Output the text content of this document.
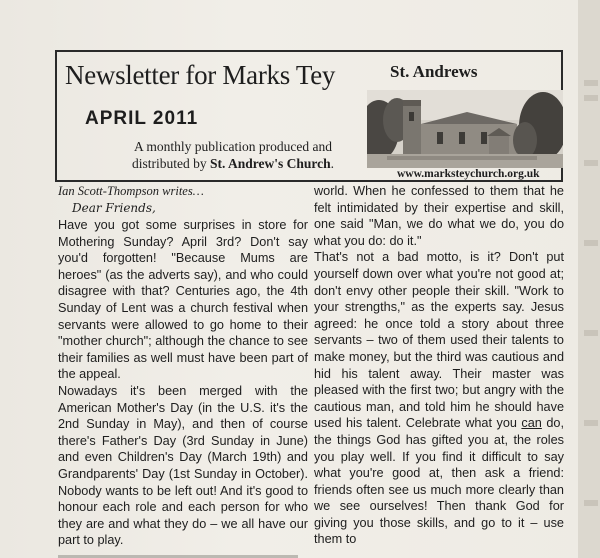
Newsletter for Marks Tey
APRIL 2011
A monthly publication produced and
distributed by St. Andrew's Church.
St. Andrews
www.marksteychurch.org.uk
Ian Scott-Thompson writes…
Dear Friends,

Have you got some surprises in store for Mothering Sunday? April 3rd? Don't say you'd forgotten! "Because Mums are heroes" (as the adverts say), and who could disagree with that? Centuries ago, the 4th Sunday of Lent was a church festival when servants were allowed to go home to their "mother church"; although the chance to see their families as well must have been part of the appeal.

Nowadays it's been merged with the American Mother's Day (in the U.S. it's the 2nd Sunday in May), and then of course there's Father's Day (3rd Sunday in June) and even Children's Day (March 19th) and Grandparents' Day (1st Sunday in October). Nobody wants to be left out! And it's good to honour each role and each person for who they are and what they do – we all have our part to play.

world. When he confessed to them that he felt intimidated by their expertise and skill, one said "Man, we do what we do, you do what you do: do it."

That's not a bad motto, is it? Don't put yourself down over what you're not good at; don't envy other people their skill. "Work to your strengths," as the experts say. Jesus agreed: he once told a story about three servants – two of them used their talents to make money, but the third was cautious and hid his talent away. Their master was pleased with the first two; but angry with the cautious man, and told him he should have used his talent. Celebrate what you can do, the things God has gifted you at, the roles you play well. If you find it difficult to say what you're good at, then ask a friend: friends often see us much more clearly than we see ourselves! Then thank God for giving you those skills, and go to it – use them to
